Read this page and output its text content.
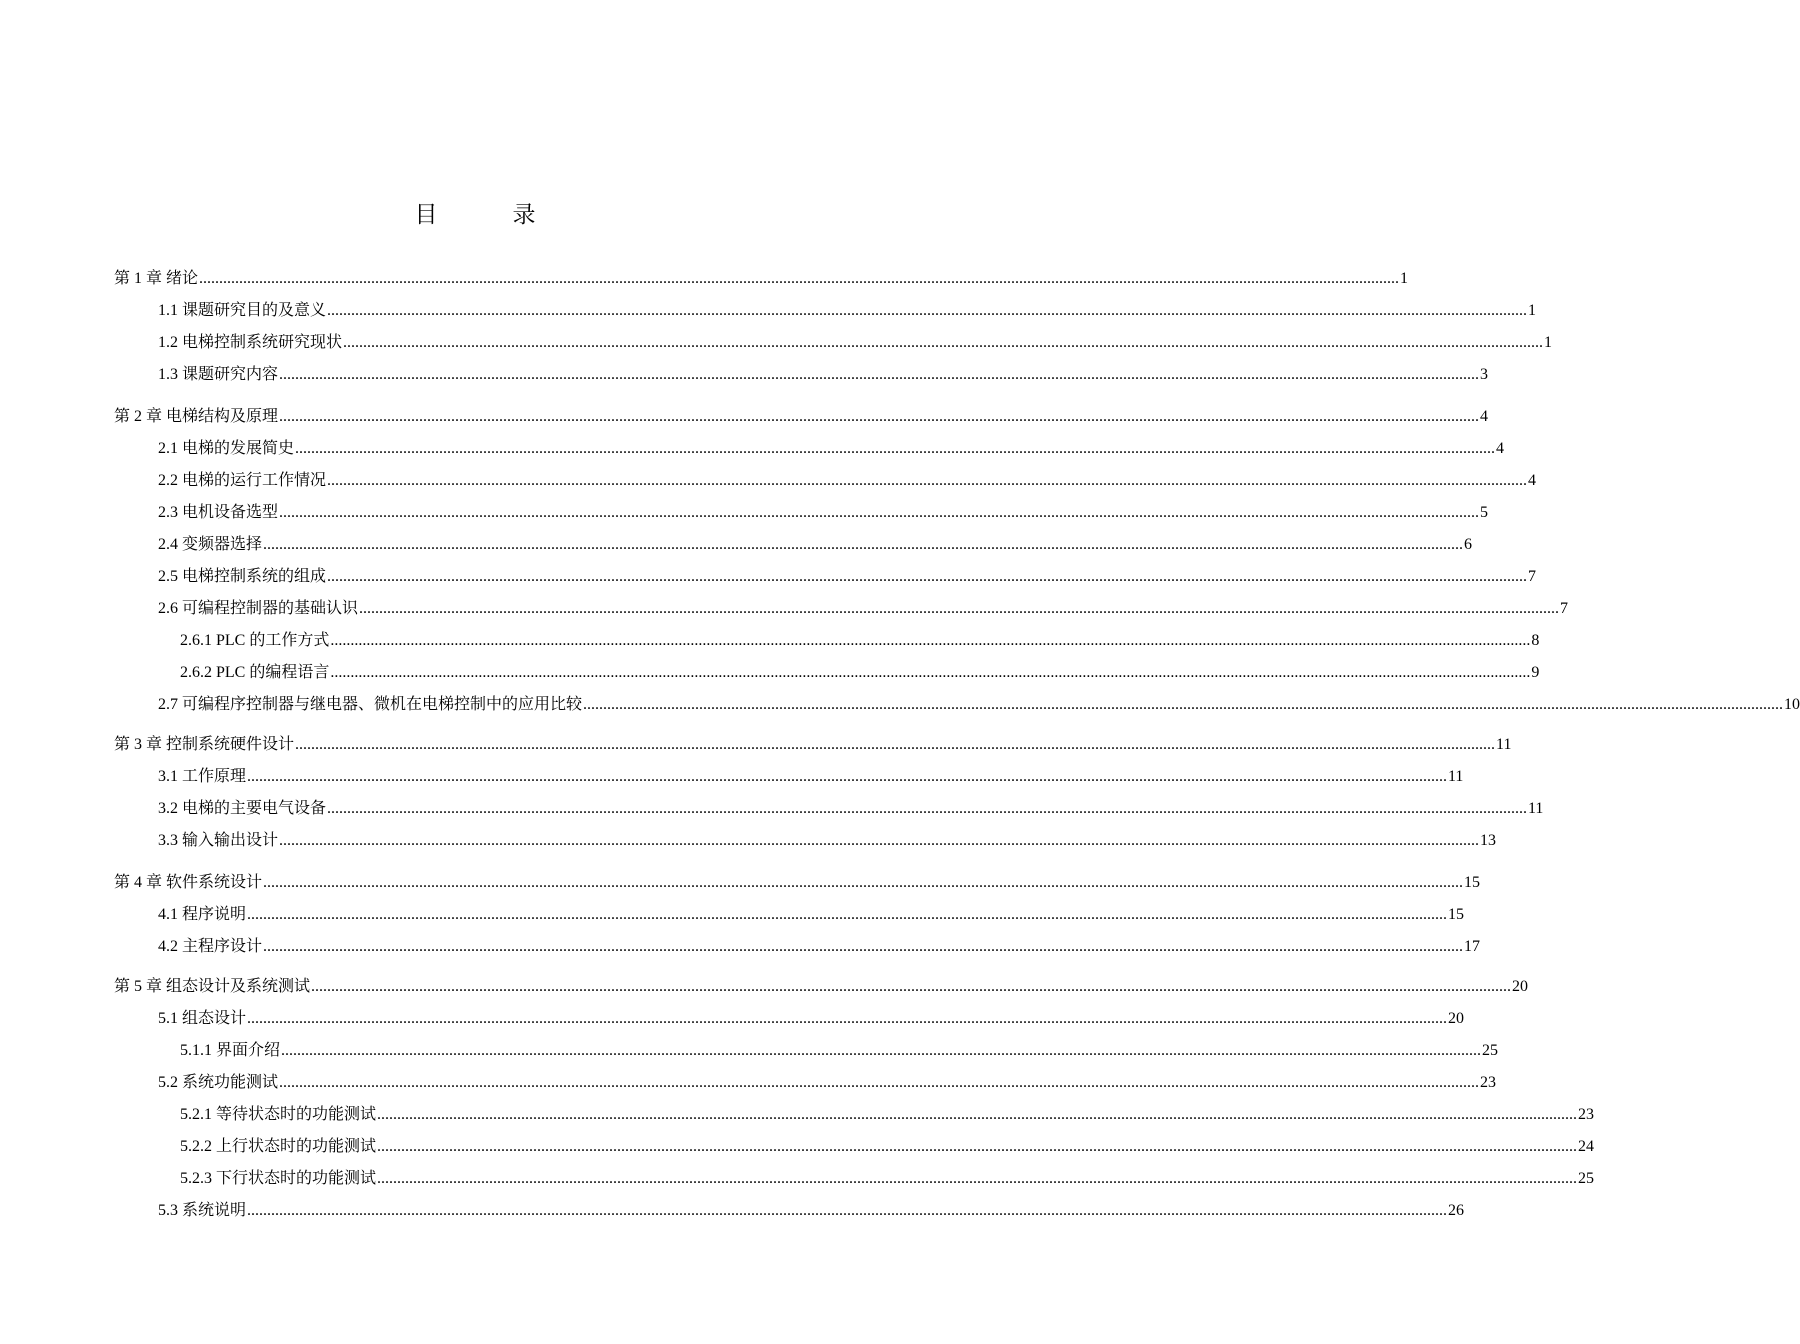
目　录
第 1 章 绪论 ............................................................................................................................................................................................................................................................................................................ 1
1.1 课题研究目的及意义 ............................................................................................................................................................................................................................................................................................................ 1
1.2 电梯控制系统研究现状 ............................................................................................................................................................................................................................................................................................................ 1
1.3 课题研究内容 ............................................................................................................................................................................................................................................................................................................ 3
第 2 章 电梯结构及原理 ............................................................................................................................................................................................................................................................................................................ 4
2.1 电梯的发展简史 ............................................................................................................................................................................................................................................................................................................ 4
2.2 电梯的运行工作情况 ............................................................................................................................................................................................................................................................................................................ 4
2.3 电机设备选型 ............................................................................................................................................................................................................................................................................................................ 5
2.4 变频器选择 ............................................................................................................................................................................................................................................................................................................ 6
2.5 电梯控制系统的组成 ............................................................................................................................................................................................................................................................................................................ 7
2.6 可编程控制器的基础认识 ............................................................................................................................................................................................................................................................................................................ 7
2.6.1 PLC 的工作方式 ............................................................................................................................................................................................................................................................................................................ 8
2.6.2 PLC 的编程语言 ............................................................................................................................................................................................................................................................................................................ 9
2.7 可编程序控制器与继电器、微机在电梯控制中的应用比较 ............................................................................................................................................................................................................................................................................................................ 10
第 3 章 控制系统硬件设计 ............................................................................................................................................................................................................................................................................................................ 11
3.1 工作原理 ............................................................................................................................................................................................................................................................................................................ 11
3.2 电梯的主要电气设备 ............................................................................................................................................................................................................................................................................................................ 11
3.3 输入输出设计 ............................................................................................................................................................................................................................................................................................................ 13
第 4 章 软件系统设计 ............................................................................................................................................................................................................................................................................................................ 15
4.1 程序说明 ............................................................................................................................................................................................................................................................................................................ 15
4.2 主程序设计 ............................................................................................................................................................................................................................................................................................................ 17
第 5 章 组态设计及系统测试 ............................................................................................................................................................................................................................................................................................................ 20
5.1 组态设计 ............................................................................................................................................................................................................................................................................................................ 20
5.1.1 界面介绍 ............................................................................................................................................................................................................................................................................................................ 25
5.2 系统功能测试 ............................................................................................................................................................................................................................................................................................................ 23
5.2.1 等待状态时的功能测试 ............................................................................................................................................................................................................................................................................................................ 23
5.2.2 上行状态时的功能测试 ............................................................................................................................................................................................................................................................................................................ 24
5.2.3 下行状态时的功能测试 ............................................................................................................................................................................................................................................................................................................ 25
5.3 系统说明 ............................................................................................................................................................................................................................................................................................................ 26
